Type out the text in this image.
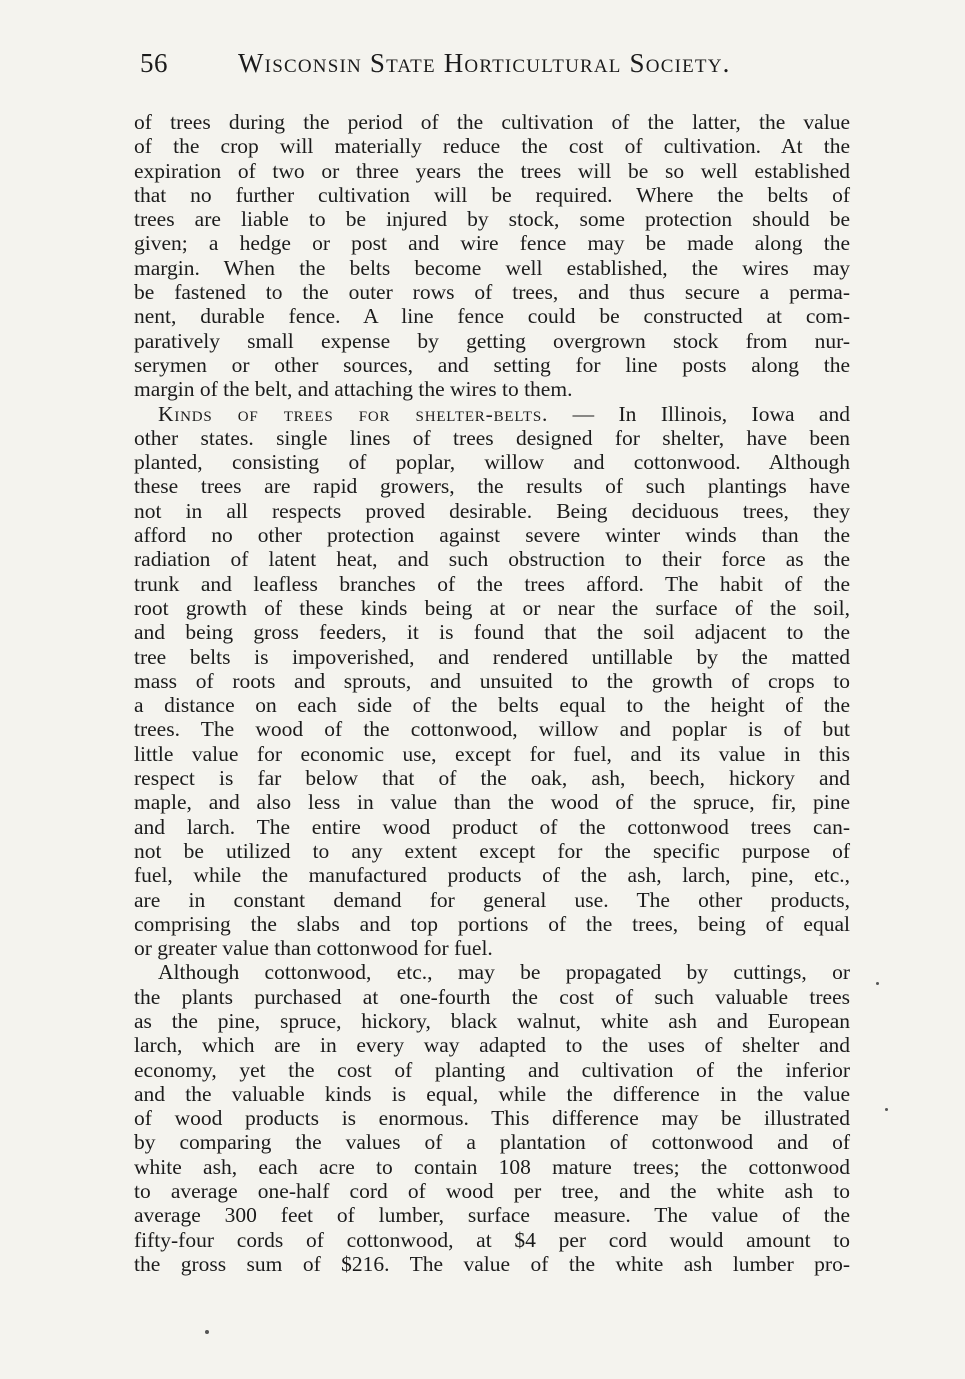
56	Wisconsin State Horticultural Society.
of trees during the period of the cultivation of the latter, the value
of the crop will materially reduce the cost of cultivation. At the
expiration of two or three years the trees will be so well established
that no further cultivation will be required. Where the belts of
trees are liable to be injured by stock, some protection should be
given; a hedge or post and wire fence may be made along the
margin. When the belts become well established, the wires may
be fastened to the outer rows of trees, and thus secure a perma-
nent, durable fence. A line fence could be constructed at com-
paratively small expense by getting overgrown stock from nur-
serymen or other sources, and setting for line posts along the
margin of the belt, and attaching the wires to them.
Kinds of trees for shelter-belts. — In Illinois, Iowa and
other states. single lines of trees designed for shelter, have been
planted, consisting of poplar, willow and cottonwood. Although
these trees are rapid growers, the results of such plantings have
not in all respects proved desirable. Being deciduous trees, they
afford no other protection against severe winter winds than the
radiation of latent heat, and such obstruction to their force as the
trunk and leafless branches of the trees afford. The habit of the
root growth of these kinds being at or near the surface of the soil,
and being gross feeders, it is found that the soil adjacent to the
tree belts is impoverished, and rendered untillable by the matted
mass of roots and sprouts, and unsuited to the growth of crops to
a distance on each side of the belts equal to the height of the
trees. The wood of the cottonwood, willow and poplar is of but
little value for economic use, except for fuel, and its value in this
respect is far below that of the oak, ash, beech, hickory and
maple, and also less in value than the wood of the spruce, fir, pine
and larch. The entire wood product of the cottonwood trees can-
not be utilized to any extent except for the specific purpose of
fuel, while the manufactured products of the ash, larch, pine, etc.,
are in constant demand for general use. The other products,
comprising the slabs and top portions of the trees, being of equal
or greater value than cottonwood for fuel.
Although cottonwood, etc., may be propagated by cuttings, or
the plants purchased at one-fourth the cost of such valuable trees
as the pine, spruce, hickory, black walnut, white ash and European
larch, which are in every way adapted to the uses of shelter and
economy, yet the cost of planting and cultivation of the inferior
and the valuable kinds is equal, while the difference in the value
of wood products is enormous. This difference may be illustrated
by comparing the values of a plantation of cottonwood and of
white ash, each acre to contain 108 mature trees; the cottonwood
to average one-half cord of wood per tree, and the white ash to
average 300 feet of lumber, surface measure. The value of the
fifty-four cords of cottonwood, at $4 per cord would amount to
the gross sum of $216. The value of the white ash lumber pro-
